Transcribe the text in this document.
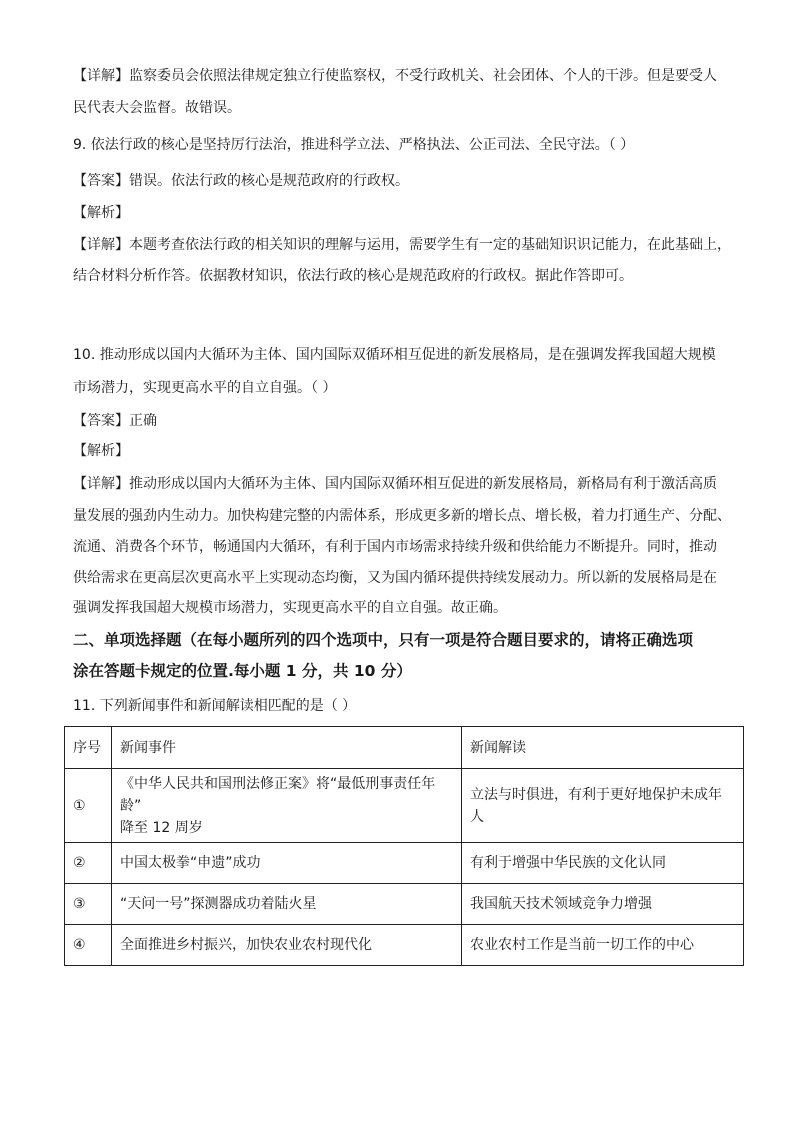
【详解】监察委员会依照法律规定独立行使监察权，不受行政机关、社会团体、个人的干涉。但是要受人
民代表大会监督。故错误。
9. 依法行政的核心是坚持厉行法治，推进科学立法、严格执法、公正司法、全民守法。（ ）
【答案】错误。依法行政的核心是规范政府的行政权。
【解析】
【详解】本题考查依法行政的相关知识的理解与运用，需要学生有一定的基础知识识记能力，在此基础上，
结合材料分析作答。依据教材知识，依法行政的核心是规范政府的行政权。据此作答即可。
10. 推动形成以国内大循环为主体、国内国际双循环相互促进的新发展格局，是在强调发挥我国超大规模
市场潜力，实现更高水平的自立自强。（ ）
【答案】正确
【解析】
【详解】推动形成以国内大循环为主体、国内国际双循环相互促进的新发展格局，新格局有利于激活高质
量发展的强劲内生动力。加快构建完整的内需体系，形成更多新的增长点、增长极，着力打通生产、分配、
流通、消费各个环节，畅通国内大循环，有利于国内市场需求持续升级和供给能力不断提升。同时，推动
供给需求在更高层次更高水平上实现动态均衡，又为国内循环提供持续发展动力。所以新的发展格局是在
强调发挥我国超大规模市场潜力，实现更高水平的自立自强。故正确。
二、单项选择题（在每小题所列的四个选项中，只有一项是符合题目要求的，请将正确选项
涂在答题卡规定的位置.每小题 1 分，共 10 分）
11. 下列新闻事件和新闻解读相匹配的是（ ）
序号	新闻事件	新闻解读
①	《中华人民共和国刑法修正案》将“最低刑事责任年龄”
降至 12 周岁	立法与时俱进，有利于更好地保护未成年人
②	中国太极拳“申遗”成功	有利于增强中华民族的文化认同
③	“天问一号”探测器成功着陆火星	我国航天技术领域竞争力增强
④	全面推进乡村振兴，加快农业农村现代化	农业农村工作是当前一切工作的中心
